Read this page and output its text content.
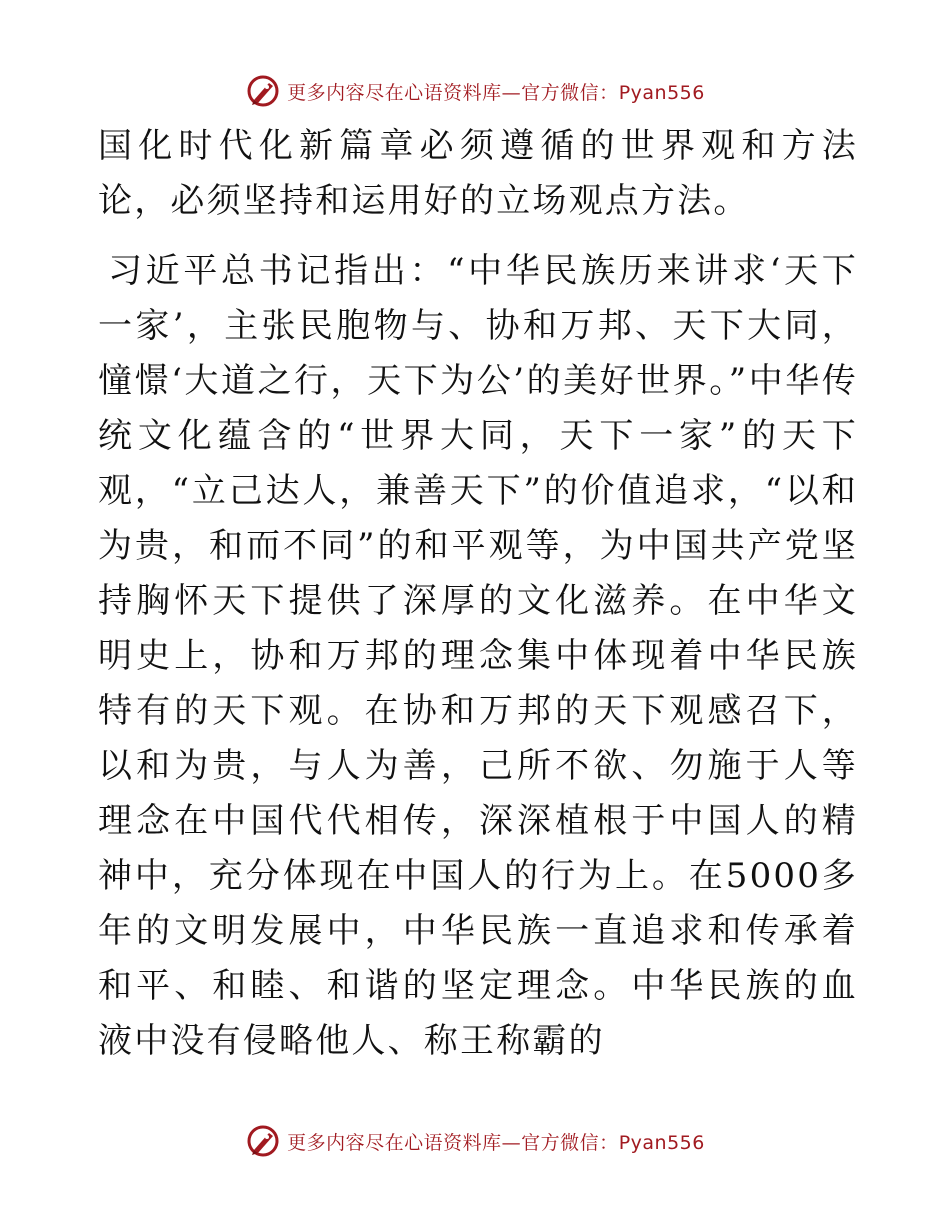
更多内容尽在心语资料库—官方微信：Pyan556

国化时代化新篇章必须遵循的世界观和方法论，必须坚持和运用好的立场观点方法。

习近平总书记指出：“中华民族历来讲求‘天下一家’，主张民胞物与、协和万邦、天下大同，憧憬‘大道之行，天下为公’的美好世界。”中华传统文化蕴含的“世界大同，天下一家”的天下观，“立己达人，兼善天下”的价值追求，“以和为贵，和而不同”的和平观等，为中国共产党坚持胸怀天下提供了深厚的文化滋养。在中华文明史上，协和万邦的理念集中体现着中华民族特有的天下观。在协和万邦的天下观感召下，以和为贵，与人为善，己所不欲、勿施于人等理念在中国代代相传，深深植根于中国人的精神中，充分体现在中国人的行为上。在5000多年的文明发展中，中华民族一直追求和传承着和平、和睦、和谐的坚定理念。中华民族的血液中没有侵略他人、称王称霸的

更多内容尽在心语资料库—官方微信：Pyan556
